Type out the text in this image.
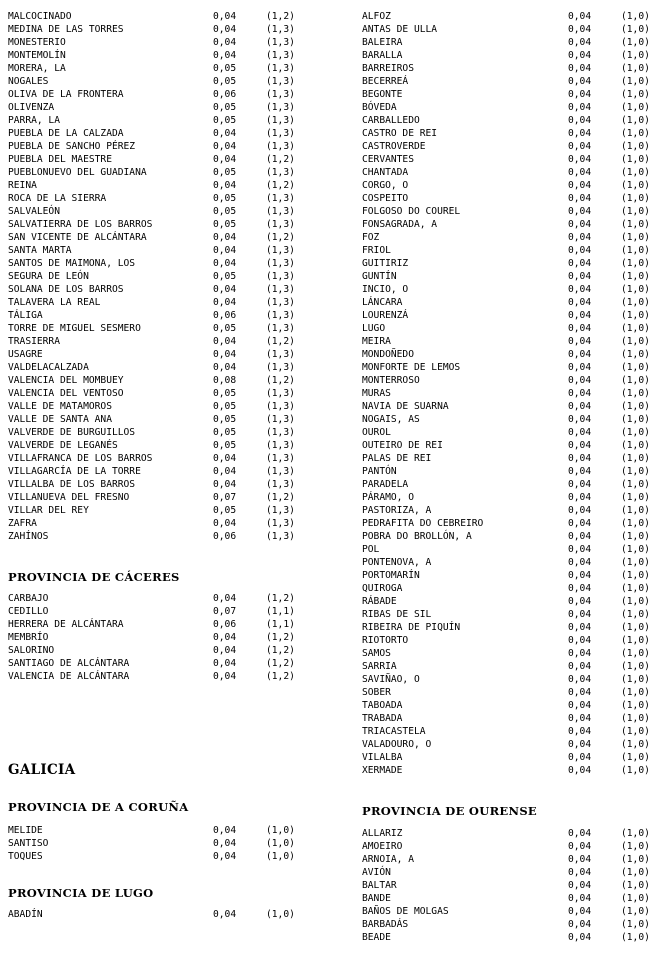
MALCOCINADO	0,04	(1,2)
MEDINA DE LAS TORRES	0,04	(1,3)
MONESTERIO	0,04	(1,3)
MONTEMOLÍN	0,04	(1,3)
MORERA, LA	0,05	(1,3)
NOGALES	0,05	(1,3)
OLIVA DE LA FRONTERA	0,06	(1,3)
OLIVENZA	0,05	(1,3)
PARRA, LA	0,05	(1,3)
PUEBLA DE LA CALZADA	0,04	(1,3)
PUEBLA DE SANCHO PÉREZ	0,04	(1,3)
PUEBLA DEL MAESTRE	0,04	(1,2)
PUEBLONUEVO DEL GUADIANA	0,05	(1,3)
REINA	0,04	(1,2)
ROCA DE LA SIERRA	0,05	(1,3)
SALVALEÓN	0,05	(1,3)
SALVATIERRA DE LOS BARROS	0,05	(1,3)
SAN VICENTE DE ALCÁNTARA	0,04	(1,2)
SANTA MARTA	0,04	(1,3)
SANTOS DE MAIMONA, LOS	0,04	(1,3)
SEGURA DE LEÓN	0,05	(1,3)
SOLANA DE LOS BARROS	0,04	(1,3)
TALAVERA LA REAL	0,04	(1,3)
TÁLIGA	0,06	(1,3)
TORRE DE MIGUEL SESMERO	0,05	(1,3)
TRASIERRA	0,04	(1,2)
USAGRE	0,04	(1,3)
VALDELACALZADA	0,04	(1,3)
VALENCIA DEL MOMBUEY	0,08	(1,2)
VALENCIA DEL VENTOSO	0,05	(1,3)
VALLE DE MATAMOROS	0,05	(1,3)
VALLE DE SANTA ANA	0,05	(1,3)
VALVERDE DE BURGUILLOS	0,05	(1,3)
VALVERDE DE LEGANÉS	0,05	(1,3)
VILLAFRANCA DE LOS BARROS	0,04	(1,3)
VILLAGARCÍA DE LA TORRE	0,04	(1,3)
VILLALBA DE LOS BARROS	0,04	(1,3)
VILLANUEVA DEL FRESNO	0,07	(1,2)
VILLAR DEL REY	0,05	(1,3)
ZAFRA	0,04	(1,3)
ZAHÍNOS	0,06	(1,3)
PROVINCIA DE CÁCERES
CARBAJO	0,04	(1,2)
CEDILLO	0,07	(1,1)
HERRERA DE ALCÁNTARA	0,06	(1,1)
MEMBRÍO	0,04	(1,2)
SALORINO	0,04	(1,2)
SANTIAGO DE ALCÁNTARA	0,04	(1,2)
VALENCIA DE ALCÁNTARA	0,04	(1,2)
GALICIA
PROVINCIA DE A CORUÑA
MELIDE	0,04	(1,0)
SANTISO	0,04	(1,0)
TOQUES	0,04	(1,0)
PROVINCIA DE LUGO
ABADÍN	0,04	(1,0)
ALFOZ	0,04	(1,0)
ANTAS DE ULLA	0,04	(1,0)
BALEIRA	0,04	(1,0)
BARALLA	0,04	(1,0)
BARREIROS	0,04	(1,0)
BECERREÁ	0,04	(1,0)
BEGONTE	0,04	(1,0)
BÓVEDA	0,04	(1,0)
CARBALLEDO	0,04	(1,0)
CASTRO DE REI	0,04	(1,0)
CASTROVERDE	0,04	(1,0)
CERVANTES	0,04	(1,0)
CHANTADA	0,04	(1,0)
CORGO, O	0,04	(1,0)
COSPEITO	0,04	(1,0)
FOLGOSO DO COUREL	0,04	(1,0)
FONSAGRADA, A	0,04	(1,0)
FOZ	0,04	(1,0)
FRIOL	0,04	(1,0)
GUITIRIZ	0,04	(1,0)
GUNTÍN	0,04	(1,0)
INCIO, O	0,04	(1,0)
LÁNCARA	0,04	(1,0)
LOURENZÁ	0,04	(1,0)
LUGO	0,04	(1,0)
MEIRA	0,04	(1,0)
MONDOÑEDO	0,04	(1,0)
MONFORTE DE LEMOS	0,04	(1,0)
MONTERROSO	0,04	(1,0)
MURAS	0,04	(1,0)
NAVIA DE SUARNA	0,04	(1,0)
NOGAIS, AS	0,04	(1,0)
OUROL	0,04	(1,0)
OUTEIRO DE REI	0,04	(1,0)
PALAS DE REI	0,04	(1,0)
PANTÓN	0,04	(1,0)
PARADELA	0,04	(1,0)
PÁRAMO, O	0,04	(1,0)
PASTORIZA, A	0,04	(1,0)
PEDRAFITA DO CEBREIRO	0,04	(1,0)
POBRA DO BROLLÓN, A	0,04	(1,0)
POL	0,04	(1,0)
PONTENOVA, A	0,04	(1,0)
PORTOMARÍN	0,04	(1,0)
QUIROGA	0,04	(1,0)
RÁBADE	0,04	(1,0)
RIBAS DE SIL	0,04	(1,0)
RIBEIRA DE PIQUÍN	0,04	(1,0)
RIOTORTO	0,04	(1,0)
SAMOS	0,04	(1,0)
SARRIA	0,04	(1,0)
SAVIÑAO, O	0,04	(1,0)
SOBER	0,04	(1,0)
TABOADA	0,04	(1,0)
TRABADA	0,04	(1,0)
TRIACASTELA	0,04	(1,0)
VALADOURO, O	0,04	(1,0)
VILALBA	0,04	(1,0)
XERMADE	0,04	(1,0)
PROVINCIA DE OURENSE
ALLARIZ	0,04	(1,0)
AMOEIRO	0,04	(1,0)
ARNOIA, A	0,04	(1,0)
AVIÓN	0,04	(1,0)
BALTAR	0,04	(1,0)
BANDE	0,04	(1,0)
BAÑOS DE MOLGAS	0,04	(1,0)
BARBADÁS	0,04	(1,0)
BEADE	0,04	(1,0)
